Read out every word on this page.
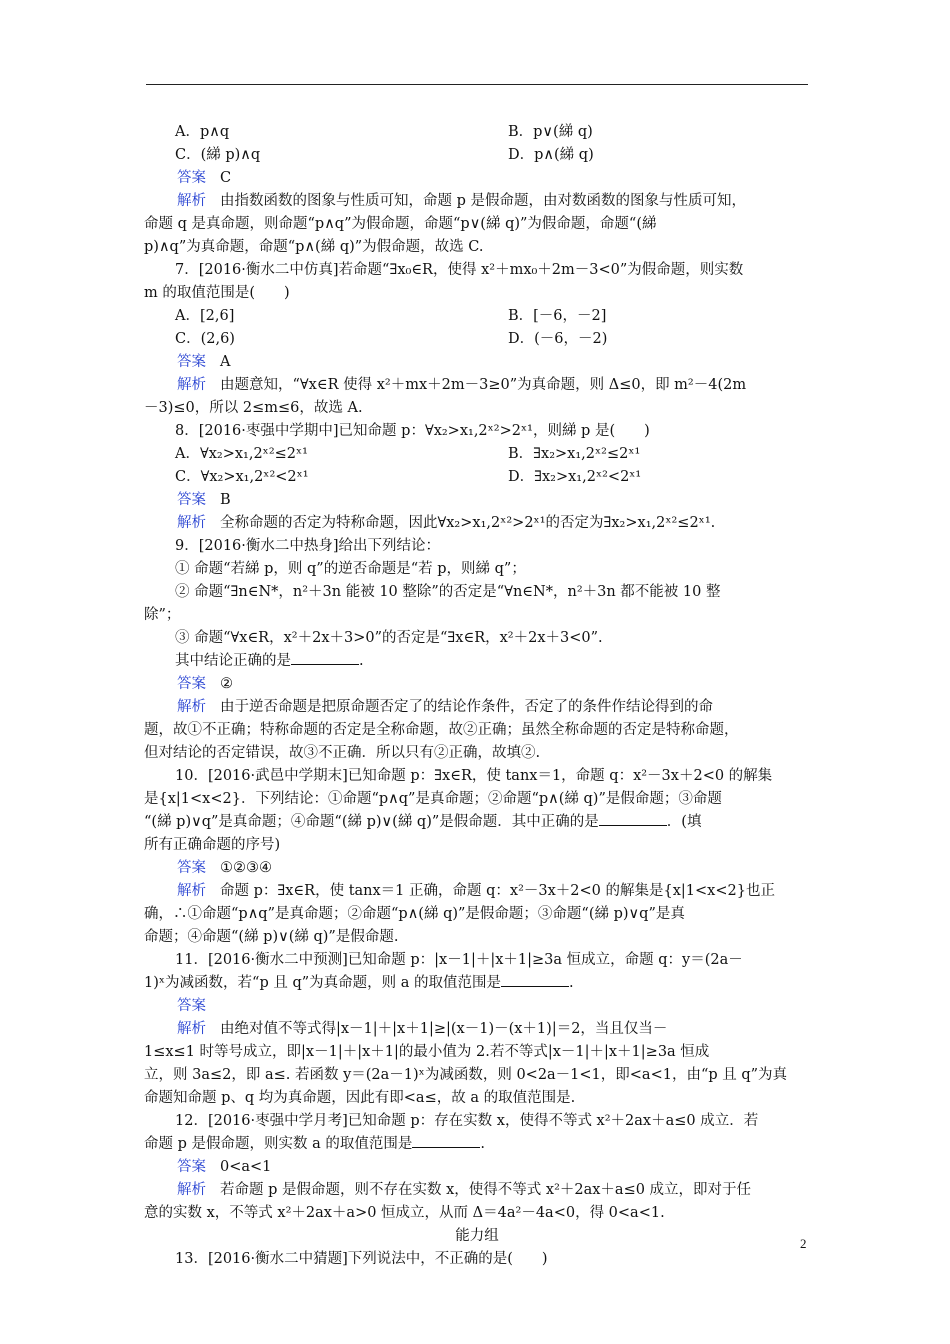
A．p∧q	B．p∨(綈 q)
C．(綈 p)∧q	D．p∧(綈 q)
答案 C
解析 由指数函数的图象与性质可知，命题 p 是假命题，由对数函数的图象与性质可知，
命题 q 是真命题，则命题“p∧q”为假命题，命题“p∨(綈 q)”为假命题，命题“(綈
p)∧q”为真命题，命题“p∧(綈 q)”为假命题，故选 C.
7．[2016·衡水二中仿真]若命题“∃x₀∈R，使得 x²＋mx₀＋2m－3<0”为假命题，则实数
m 的取值范围是(　　)
A．[2,6]	B．[－6，－2]
C．(2,6)	D．(－6，－2)
答案 A
解析 由题意知，“∀x∈R 使得 x²＋mx＋2m－3≥0”为真命题，则 Δ≤0，即 m²－4(2m
－3)≤0，所以 2≤m≤6，故选 A.
8．[2016·枣强中学期中]已知命题 p：∀x₂>x₁,2ˣ²>2ˣ¹，则綈 p 是(　　)
A．∀x₂>x₁,2ˣ²≤2ˣ¹	B．∃x₂>x₁,2ˣ²≤2ˣ¹
C．∀x₂>x₁,2ˣ²<2ˣ¹	D．∃x₂>x₁,2ˣ²<2ˣ¹
答案 B
解析 全称命题的否定为特称命题，因此∀x₂>x₁,2ˣ²>2ˣ¹的否定为∃x₂>x₁,2ˣ²≤2ˣ¹.
9．[2016·衡水二中热身]给出下列结论：
① 命题“若綈 p，则 q”的逆否命题是“若 p，则綈 q”；
② 命题“∃n∈N*，n²＋3n 能被 10 整除”的否定是“∀n∈N*，n²＋3n 都不能被 10 整
除”；
③ 命题“∀x∈R，x²＋2x＋3>0”的否定是“∃x∈R，x²＋2x＋3<0”.
其中结论正确的是	.
答案 ②
解析 由于逆否命题是把原命题否定了的结论作条件，否定了的条件作结论得到的命
题，故①不正确；特称命题的否定是全称命题，故②正确；虽然全称命题的否定是特称命题，
但对结论的否定错误，故③不正确．所以只有②正确，故填②.
10．[2016·武邑中学期末]已知命题 p：∃x∈R，使 tanx＝1，命题 q：x²－3x＋2<0 的解集
是{x|1<x<2}．下列结论：①命题“p∧q”是真命题；②命题“p∧(綈 q)”是假命题；③命题
“(綈 p)∨q”是真命题；④命题“(綈 p)∨(綈 q)”是假命题．其中正确的是	．(填
所有正确命题的序号)
答案 ①②③④
解析 命题 p：∃x∈R，使 tanx＝1 正确，命题 q：x²－3x＋2<0 的解集是{x|1<x<2}也正
确，∴①命题“p∧q”是真命题；②命题“p∧(綈 q)”是假命题；③命题“(綈 p)∨q”是真
命题；④命题“(綈 p)∨(綈 q)”是假命题.
11．[2016·衡水二中预测]已知命题 p：|x－1|＋|x＋1|≥3a 恒成立，命题 q：y＝(2a－
1)ˣ为减函数，若“p 且 q”为真命题，则 a 的取值范围是	.
答案
解析 由绝对值不等式得|x－1|＋|x＋1|≥|(x－1)－(x＋1)|＝2，当且仅当－
1≤x≤1 时等号成立，即|x－1|＋|x＋1|的最小值为 2.若不等式|x－1|＋|x＋1|≥3a 恒成
立，则 3a≤2，即 a≤. 若函数 y＝(2a－1)ˣ为减函数，则 0<2a－1<1，即<a<1，由“p 且 q”为真
命题知命题 p、q 均为真命题，因此有即<a≤，故 a 的取值范围是.
12．[2016·枣强中学月考]已知命题 p：存在实数 x，使得不等式 x²＋2ax＋a≤0 成立．若
命题 p 是假命题，则实数 a 的取值范围是	.
答案 0<a<1
解析 若命题 p 是假命题，则不存在实数 x，使得不等式 x²＋2ax＋a≤0 成立，即对于任
意的实数 x，不等式 x²＋2ax＋a>0 恒成立，从而 Δ＝4a²－4a<0，得 0<a<1.
能力组
13．[2016·衡水二中猜题]下列说法中，不正确的是(　　)
2
